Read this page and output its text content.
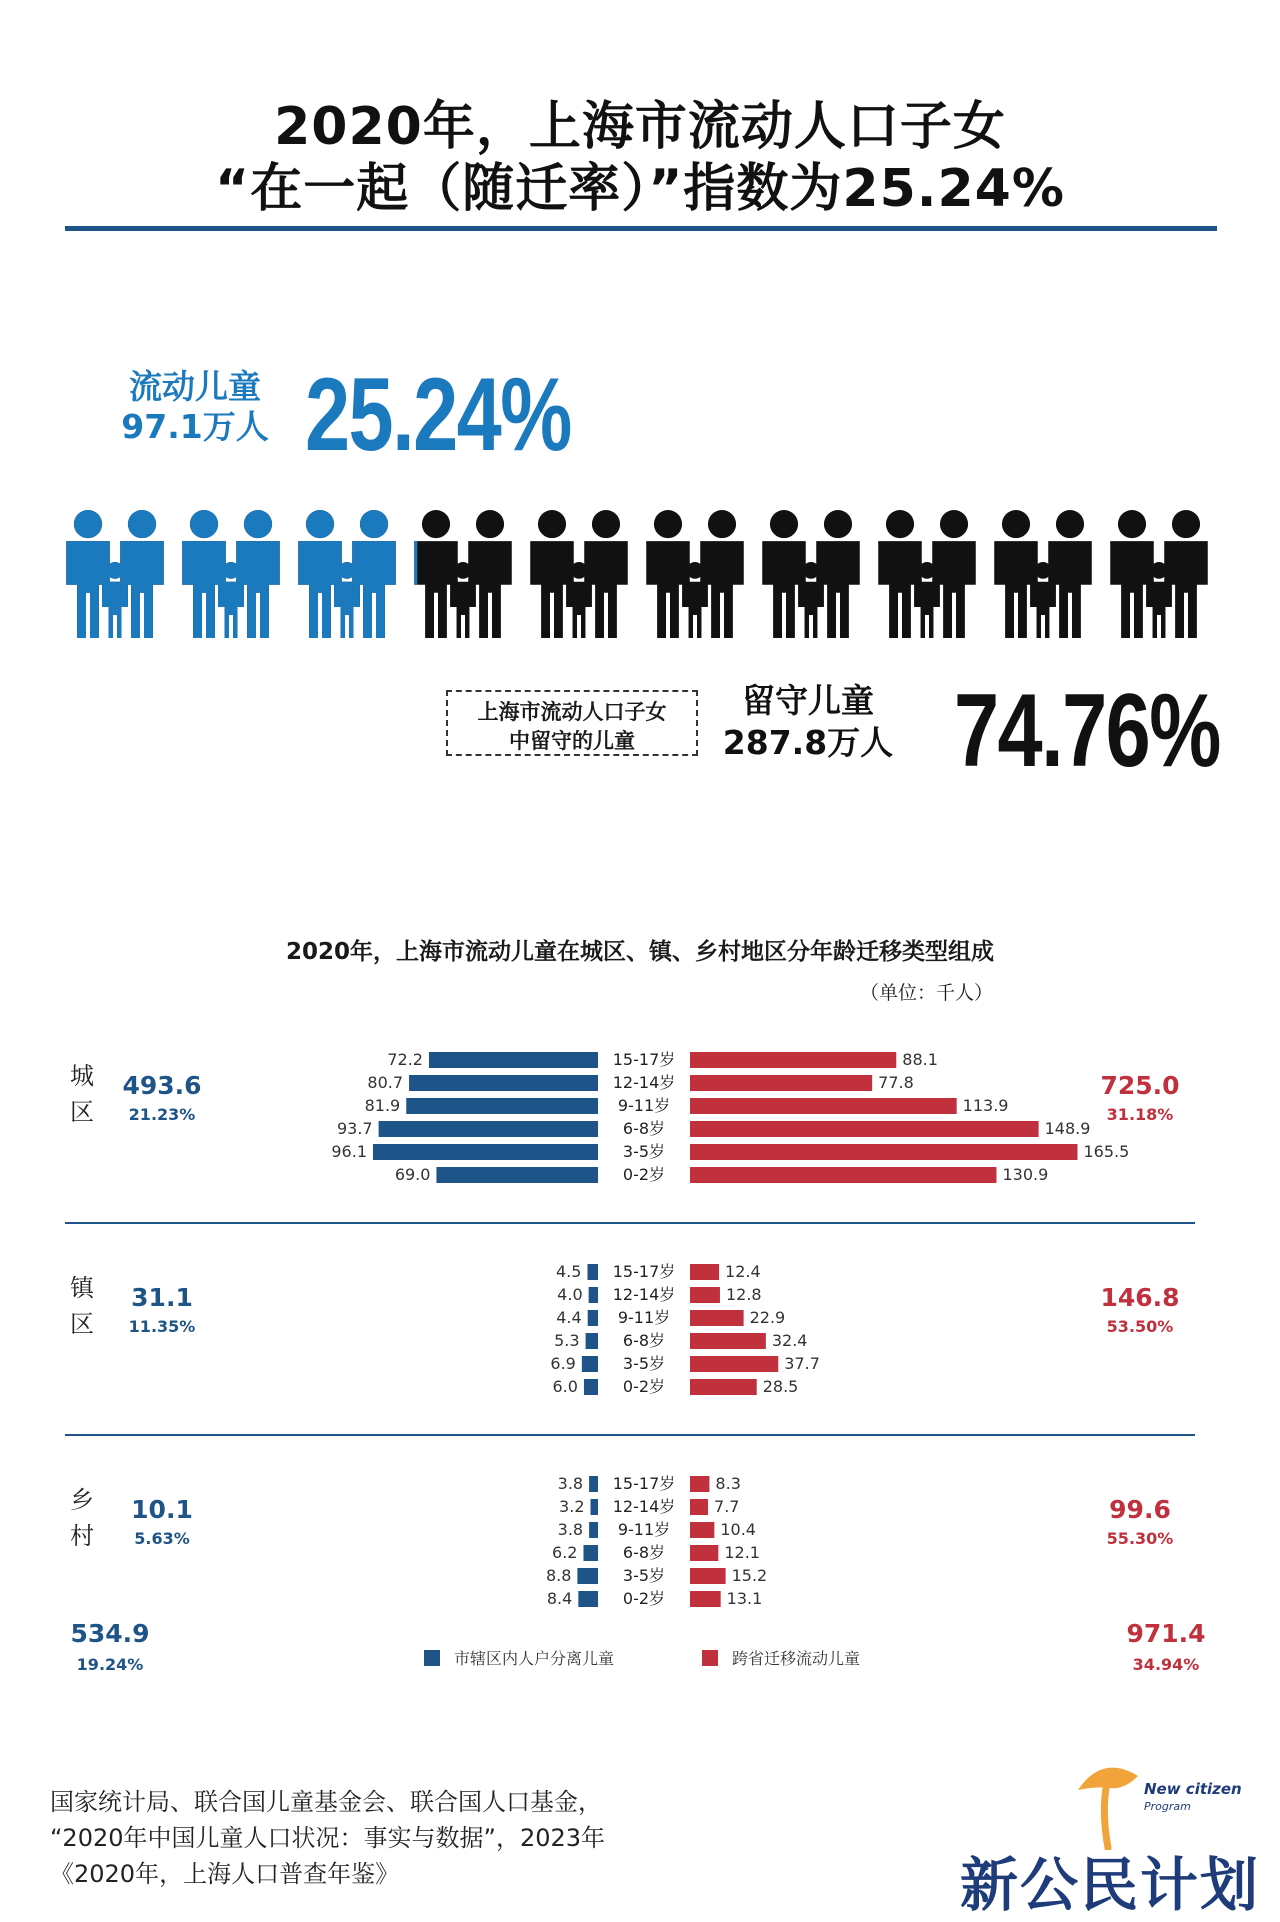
2020年，上海市流动人口子女
“在一起（随迁率）”指数为25.24%
流动儿童
97.1万人 25.24%
上海市流动人口子女
中留守的儿童
留守儿童
287.8万人 74.76%
2020年，上海市流动儿童在城区、镇、乡村地区分年龄迁移类型组成
（单位：千人）
72.2	88.1
15-17岁
80.7	77.8
12-14岁
81.9	113.9
9-11岁
93.7	148.9
6-8岁
96.1	165.5
3-5岁
69.0	130.9
0-2岁
城
区
493.6
21.23%
725.0
31.18%
4.5	12.4
15-17岁
4.0	12.8
12-14岁
4.4	22.9
9-11岁
5.3	32.4
6-8岁
6.9	37.7
3-5岁
6.0	28.5
0-2岁
镇
区
31.1
11.35%
146.8
53.50%
3.8	8.3
15-17岁
3.2	7.7
12-14岁
3.8	10.4
9-11岁
6.2	12.1
6-8岁
8.8	15.2
3-5岁
8.4	13.1
0-2岁
乡
村
10.1
5.63%
99.6
55.30%
534.9
19.24%
971.4
34.94%
市辖区内人户分离儿童	跨省迁移流动儿童
国家统计局、联合国儿童基金会、联合国人口基金，
“2020年中国儿童人口状况：事实与数据”，2023年
《2020年，上海人口普查年鉴》
New citizen
Program
新公民计划
